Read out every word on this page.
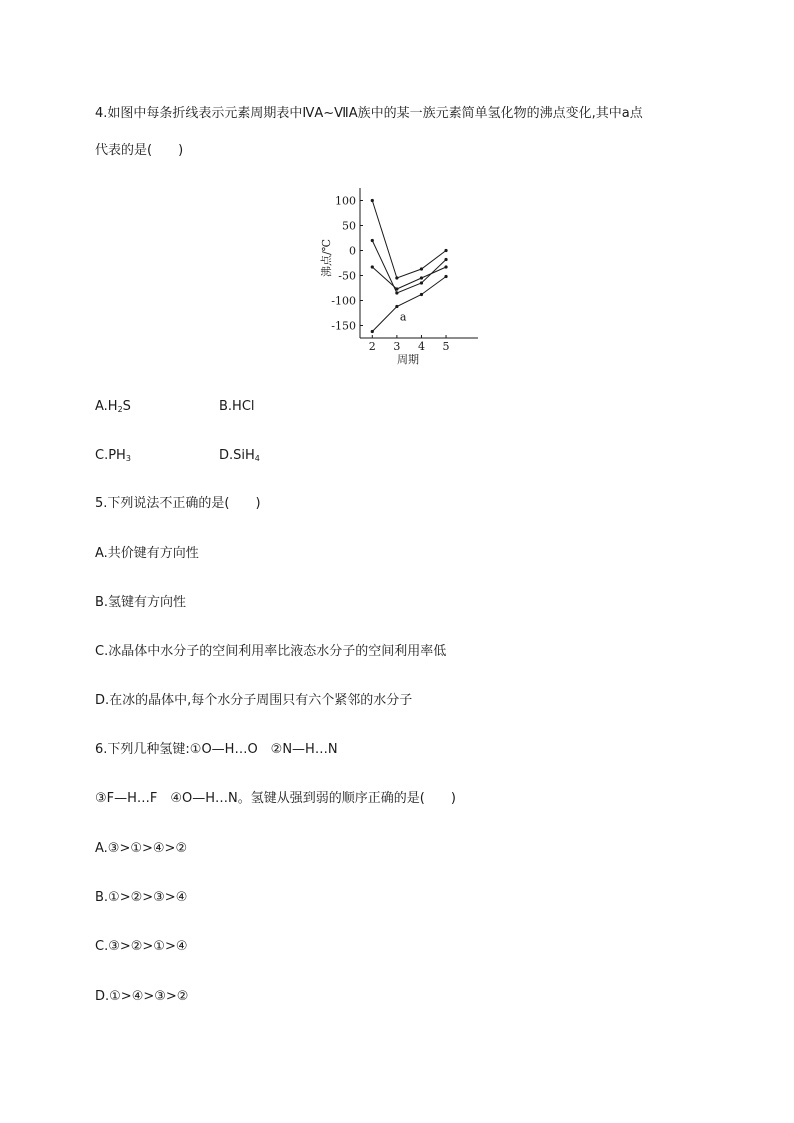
4.如图中每条折线表示元素周期表中ⅣA~ⅦA族中的某一族元素简单氢化物的沸点变化,其中a点
代表的是(　　)
100
50
0
-50
-100
-150
2 3 4 5
沸点/℃
周期
a
$A.H_2S$	B.HCl
$C.PH_3$	D.SiH$_4$
5.下列说法不正确的是(　　)
A.共价键有方向性
B.氢键有方向性
C.冰晶体中水分子的空间利用率比液态水分子的空间利用率低
D.在冰的晶体中,每个水分子周围只有六个紧邻的水分子
6.下列几种氢键:①O—H…O　②N—H…N
③F—H…F　④O—H…N。氢键从强到弱的顺序正确的是(　　)
A.③>①>④>②
B.①>②>③>④
C.③>②>①>④
D.①>④>③>②
